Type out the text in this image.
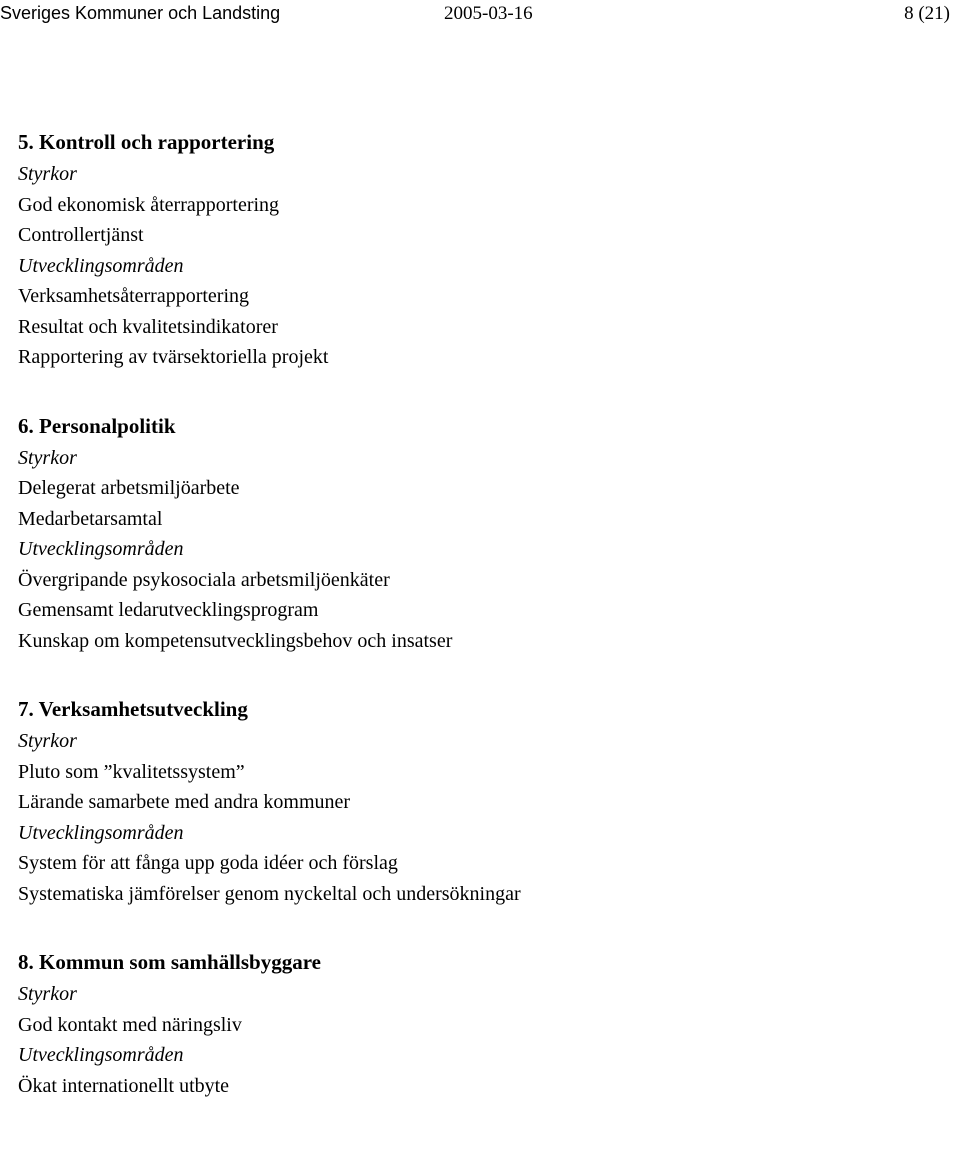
Sveriges Kommuner och Landsting	2005-03-16	8 (21)
5. Kontroll och rapportering
Styrkor
God ekonomisk återrapportering
Controllertjänst
Utvecklingsområden
Verksamhetsåterrapportering
Resultat och kvalitetsindikatorer
Rapportering av tvärsektoriella projekt
6. Personalpolitik
Styrkor
Delegerat arbetsmiljöarbete
Medarbetarsamtal
Utvecklingsområden
Övergripande psykosociala arbetsmiljöenkäter
Gemensamt ledarutvecklingsprogram
Kunskap om kompetensutvecklingsbehov och insatser
7. Verksamhetsutveckling
Styrkor
Pluto som ”kvalitetssystem”
Lärande samarbete med andra kommuner
Utvecklingsområden
System för att fånga upp goda idéer och förslag
Systematiska jämförelser genom nyckeltal och undersökningar
8. Kommun som samhällsbyggare
Styrkor
God kontakt med näringsliv
Utvecklingsområden
Ökat internationellt utbyte
